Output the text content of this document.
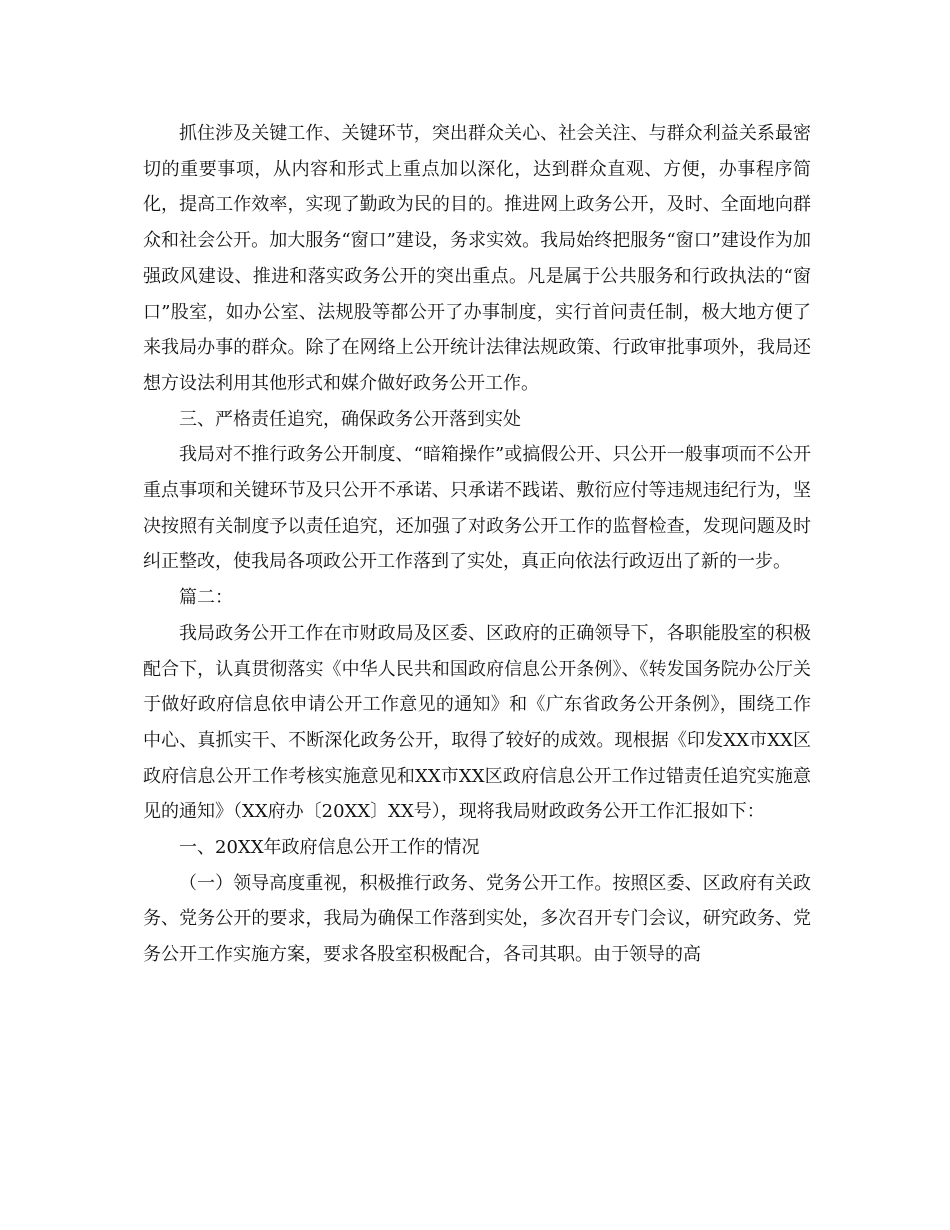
抓住涉及关键工作、关键环节，突出群众关心、社会关注、与群众利益关系最密切的重要事项，从内容和形式上重点加以深化，达到群众直观、方便，办事程序简化，提高工作效率，实现了勤政为民的目的。推进网上政务公开，及时、全面地向群众和社会公开。加大服务“窗口”建设，务求实效。我局始终把服务“窗口”建设作为加强政风建设、推进和落实政务公开的突出重点。凡是属于公共服务和行政执法的“窗口”股室，如办公室、法规股等都公开了办事制度，实行首问责任制，极大地方便了来我局办事的群众。除了在网络上公开统计法律法规政策、行政审批事项外，我局还想方设法利用其他形式和媒介做好政务公开工作。

三、严格责任追究，确保政务公开落到实处

我局对不推行政务公开制度、“暗箱操作”或搞假公开、只公开一般事项而不公开重点事项和关键环节及只公开不承诺、只承诺不践诺、敷衍应付等违规违纪行为，坚决按照有关制度予以责任追究，还加强了对政务公开工作的监督检查，发现问题及时纠正整改，使我局各项政公开工作落到了实处，真正向依法行政迈出了新的一步。

篇二：

我局政务公开工作在市财政局及区委、区政府的正确领导下，各职能股室的积极配合下，认真贯彻落实《中华人民共和国政府信息公开条例》、《转发国务院办公厅关于做好政府信息依申请公开工作意见的通知》和《广东省政务公开条例》，围绕工作中心、真抓实干、不断深化政务公开，取得了较好的成效。现根据《印发XX市XX区政府信息公开工作考核实施意见和XX市XX区政府信息公开工作过错责任追究实施意见的通知》（XX府办〔20XX〕XX号），现将我局财政政务公开工作汇报如下：

一、20XX年政府信息公开工作的情况

（一）领导高度重视，积极推行政务、党务公开工作。按照区委、区政府有关政务、党务公开的要求，我局为确保工作落到实处，多次召开专门会议，研究政务、党务公开工作实施方案，要求各股室积极配合，各司其职。由于领导的高
